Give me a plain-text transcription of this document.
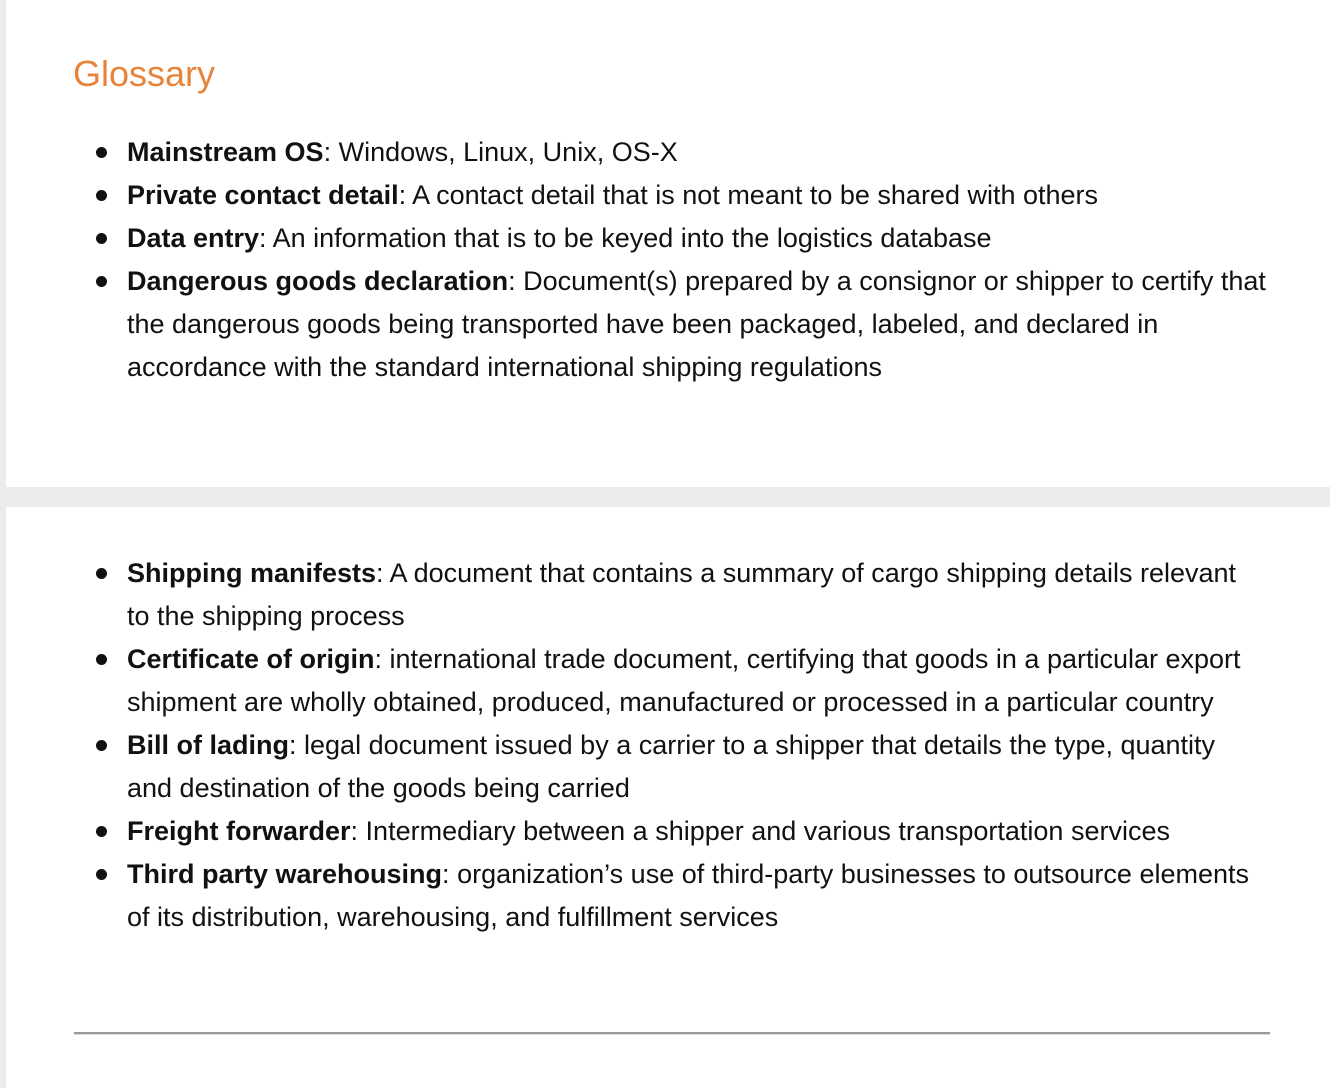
Glossary
Mainstream OS: Windows, Linux, Unix, OS-X
Private contact detail: A contact detail that is not meant to be shared with others
Data entry: An information that is to be keyed into the logistics database
Dangerous goods declaration: Document(s) prepared by a consignor or shipper to certify that the dangerous goods being transported have been packaged, labeled, and declared in accordance with the standard international shipping regulations
Shipping manifests: A document that contains a summary of cargo shipping details relevant to the shipping process
Certificate of origin: international trade document, certifying that goods in a particular export shipment are wholly obtained, produced, manufactured or processed in a particular country
Bill of lading: legal document issued by a carrier to a shipper that details the type, quantity and destination of the goods being carried
Freight forwarder: Intermediary between a shipper and various transportation services
Third party warehousing: organization’s use of third-party businesses to outsource elements of its distribution, warehousing, and fulfillment services
